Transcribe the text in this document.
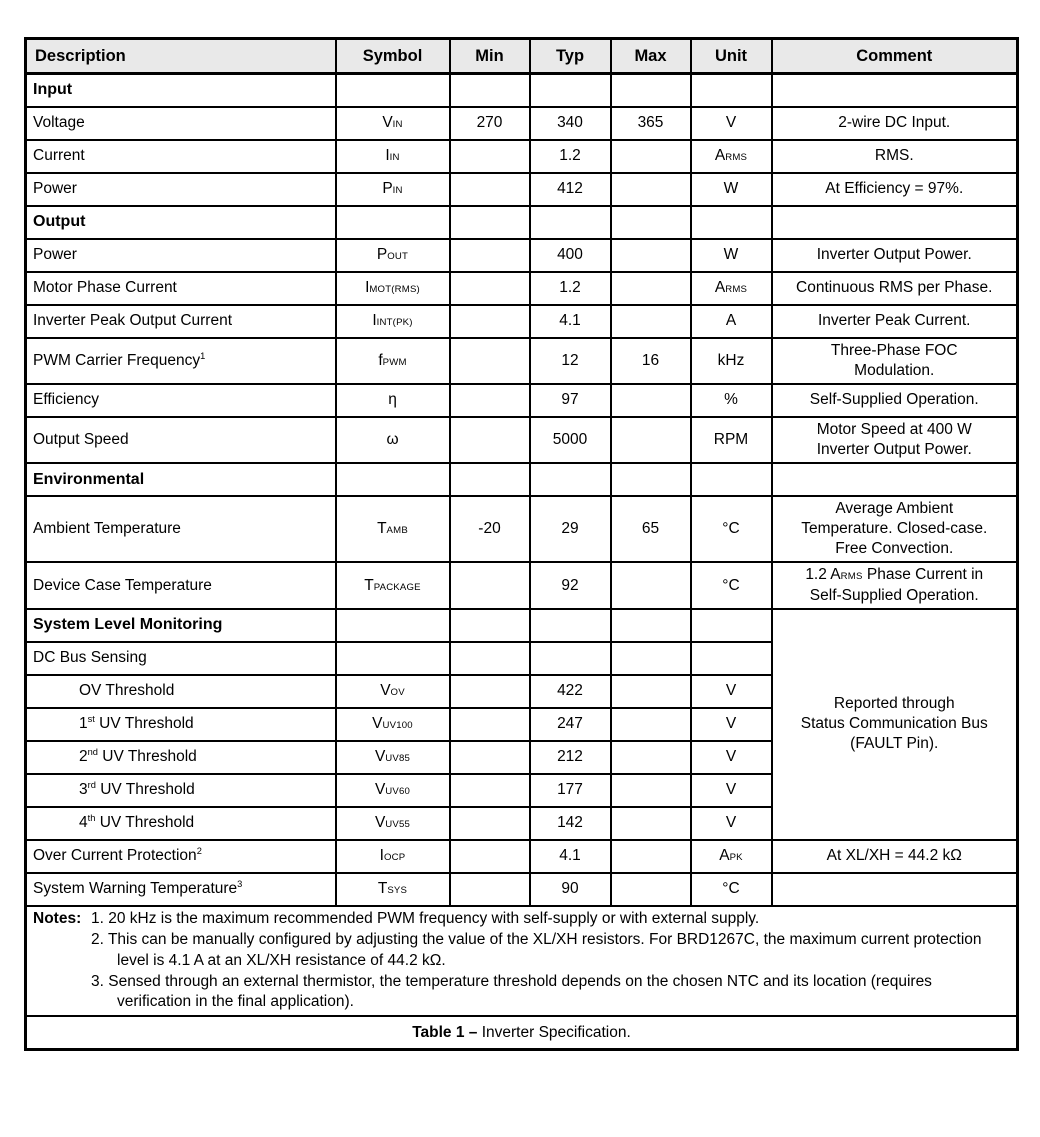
Description	Symbol	Min	Typ	Max	Unit	Comment
Input						
Voltage	VIN	270	340	365	V	2-wire DC Input.
Current	IIN		1.2		ARMS	RMS.
Power	PIN		412		W	At Efficiency = 97%.
Output						
Power	POUT		400		W	Inverter Output Power.
Motor Phase Current	IMOT(RMS)		1.2		ARMS	Continuous RMS per Phase.
Inverter Peak Output Current	IINT(PK)		4.1		A	Inverter Peak Current.
PWM Carrier Frequency$^1$	fPWM		12	16	kHz	Three-Phase FOC
Modulation.
Efficiency	η		97		%	Self-Supplied Operation.
Output Speed	ω		5000		RPM	Motor Speed at 400 W
Inverter Output Power.
Environmental						
Ambient Temperature	TAMB	-20	29	65	°C	Average Ambient
Temperature. Closed-case.
Free Convection.
Device Case Temperature	TPACKAGE		92		°C	1.2 ARMS Phase Current in
Self-Supplied Operation.
System Level Monitoring						Reported through
Status Communication Bus
(FAULT Pin).
DC Bus Sensing						
OV Threshold	VOV		422		V	
1st UV Threshold	VUV100		247		V	
2nd UV Threshold	VUV85		212		V	
3rd UV Threshold	VUV60		177		V	
4th UV Threshold	VUV55		142		V	
Over Current Protection$^2$	IOCP		4.1		APK	At XL/XH = 44.2 kΩ
System Warning Temperature$^3$	TSYS		90		°C	

Notes: 1. 20 kHz is the maximum recommended PWM frequency with self-supply or with external supply.
2. This can be manually configured by adjusting the value of the XL/XH resistors. For BRD1267C, the maximum current protection level is 4.1 A at an XL/XH resistance of 44.2 kΩ.
3. Sensed through an external thermistor, the temperature threshold depends on the chosen NTC and its location (requires verification in the final application).						

Table 1 – Inverter Specification.						
